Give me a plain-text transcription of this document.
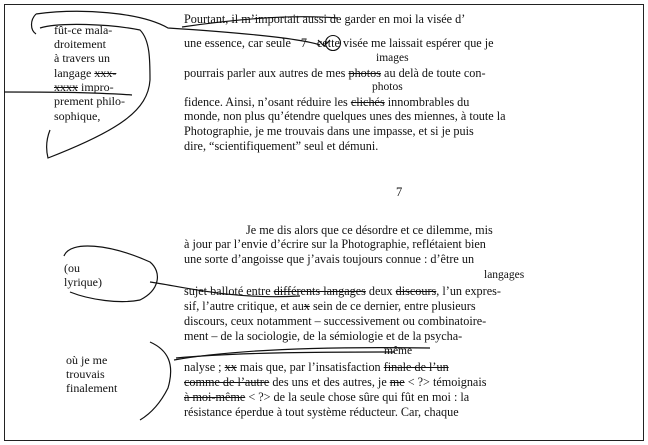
fût-ce mala-
droitement
à travers un
langage xxx-
xxxx impro-
prement philo-
sophique,
Pourtant, il m’importait aussi de garder en moi la visée d’
une essence, car seule 7 cette visée me laissait espérer que je
images
pourrais parler aux autres de mes photos au delà de toute con-
photos
fidence. Ainsi, n’osant réduire les clichés innombrables du
monde, non plus qu’étendre quelques unes des miennes, à toute la
Photographie, je me trouvais dans une impasse, et si je puis
dire, “scientifiquement” seul et démuni.
7
Je me dis alors que ce désordre et ce dilemme, mis
à jour par l’envie d’écrire sur la Photographie, reflétaient bien
une sorte d’angoisse que j’avais toujours connue : d’être un
langages
(ou
lyrique)
sujet balloté entre différents langages deux discours, l’un expres-
sif, l’autre critique, et aux sein de ce dernier, entre plusieurs
discours, ceux notamment – successivement ou combinatoire-
ment – de la sociologie, de la sémiologie et de la psycha-
même
où je me
trouvais
finalement
nalyse ; xx mais que, par l’insatisfaction finale de l’un
comme de l’autre des uns et des autres, je me < ?> témoignais
à moi-même < ?> de la seule chose sûre qui fût en moi : la
résistance éperdue à tout système réducteur. Car, chaque
